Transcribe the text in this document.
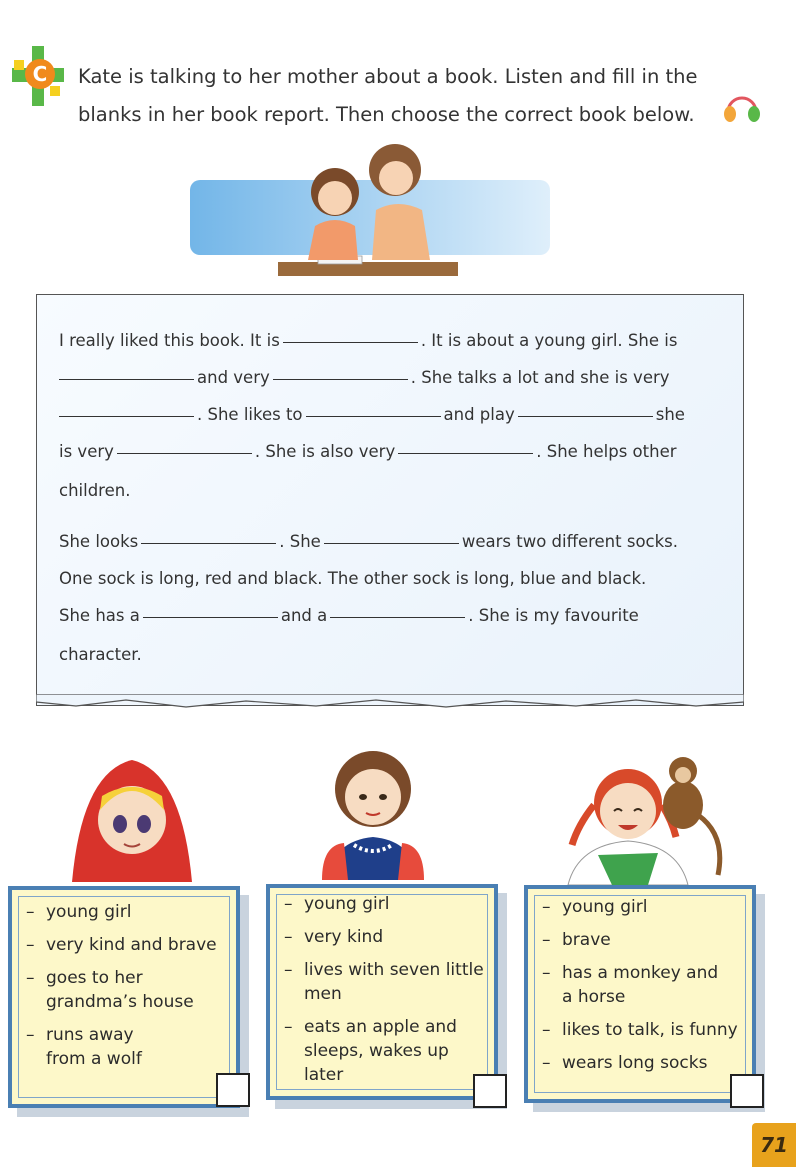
C Kate is talking to her mother about a book. Listen and fill in the
blanks in her book report. Then choose the correct book below.
I really liked this book. It is	. It is about a young girl. She is
and very	. She talks a lot and she is very
. She likes to	and play	she
is very	. She is also very	. She helps other
children.
She looks	. She	wears two different socks.
One sock is long, red and black. The other sock is long, blue and black.
She has a	and a	. She is my favourite
character.
– young girl
– very kind and brave
– goes to her grandma’s house
– runs away from a wolf
– young girl
– very kind
– lives with seven little men
– eats an apple and sleeps, wakes up later
– young girl
– brave
– has a monkey and a horse
– likes to talk, is funny
– wears long socks
71
